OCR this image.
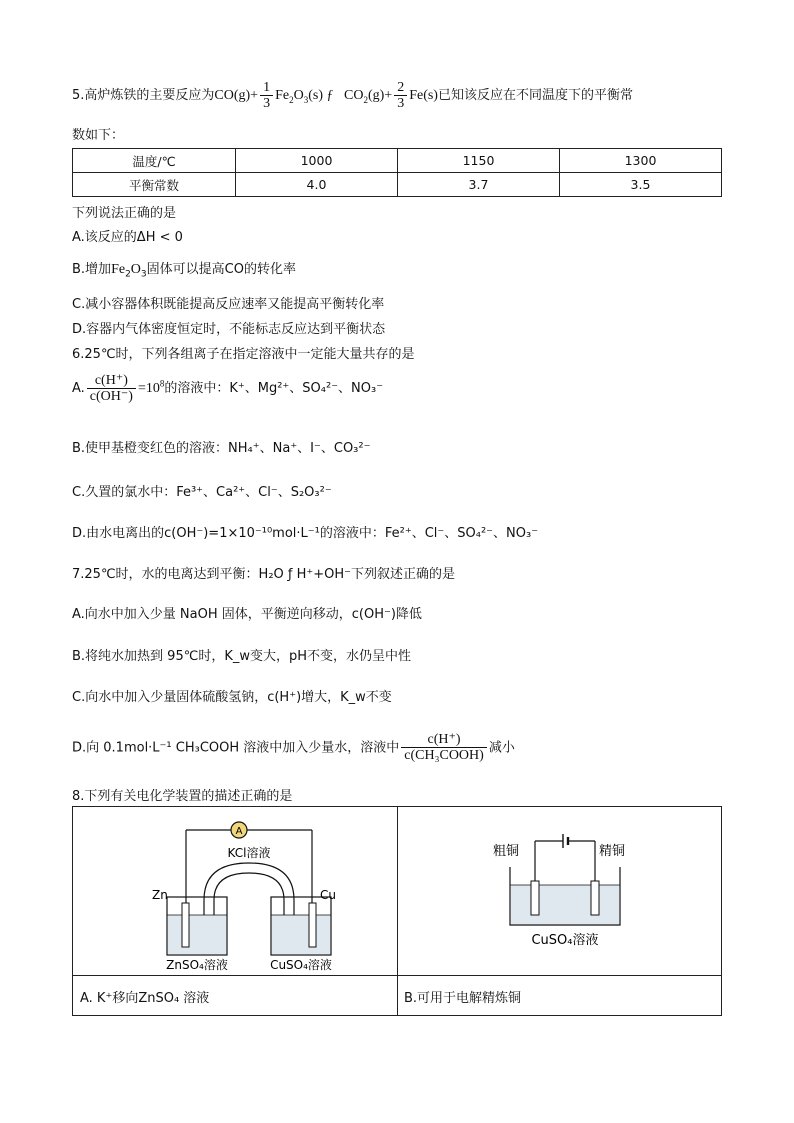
5.高炉炼铁的主要反应为$CO(g)+ \frac{1}{3} Fe_2O_3(s)$ ƒ $CO_2(g)+ \frac{2}{3} Fe(s)$已知该反应在不同温度下的平衡常
数如下：
温度/℃	1000	1150	1300
平衡常数	4.0	3.7	3.5
下列说法正确的是
A.该反应的ΔH < 0
B.增加$Fe_2O_3$固体可以提高CO的转化率
C.减小容器体积既能提高反应速率又能提高平衡转化率
D.容器内气体密度恒定时，不能标志反应达到平衡状态
6.25℃时，下列各组离子在指定溶液中一定能大量共存的是
A. $\frac{c(H^+)}{c(OH^-)} =10^8$的溶液中：K⁺、Mg²⁺、SO₄²⁻、NO₃⁻
B.使甲基橙变红色的溶液：NH₄⁺、Na⁺、I⁻、CO₃²⁻
C.久置的氯水中：Fe³⁺、Ca²⁺、Cl⁻、S₂O₃²⁻
D.由水电离出的c(OH⁻)=1×10⁻¹⁰mol·L⁻¹的溶液中：Fe²⁺、Cl⁻、SO₄²⁻、NO₃⁻
7.25℃时，水的电离达到平衡：H₂O ƒ H⁺+OH⁻下列叙述正确的是
A.向水中加入少量 NaOH 固体，平衡逆向移动，c(OH⁻)降低
B.将纯水加热到 95℃时，K_w变大，pH不变，水仍呈中性
C.向水中加入少量固体硫酸氢钠，c(H⁺)增大，K_w不变
D.向 0.1mol·L⁻¹ CH₃COOH 溶液中加入少量水，溶液中 $\frac{c(H^+)}{\text{c(CH₃COOH)}}$ 减小
8.下列有关电化学装置的描述正确的是
A
KCl溶液
Zn	Cu
ZnSO₄溶液	CuSO₄溶液
粗铜	精铜
CuSO₄溶液
A. K⁺移向ZnSO₄ 溶液	B.可用于电解精炼铜
